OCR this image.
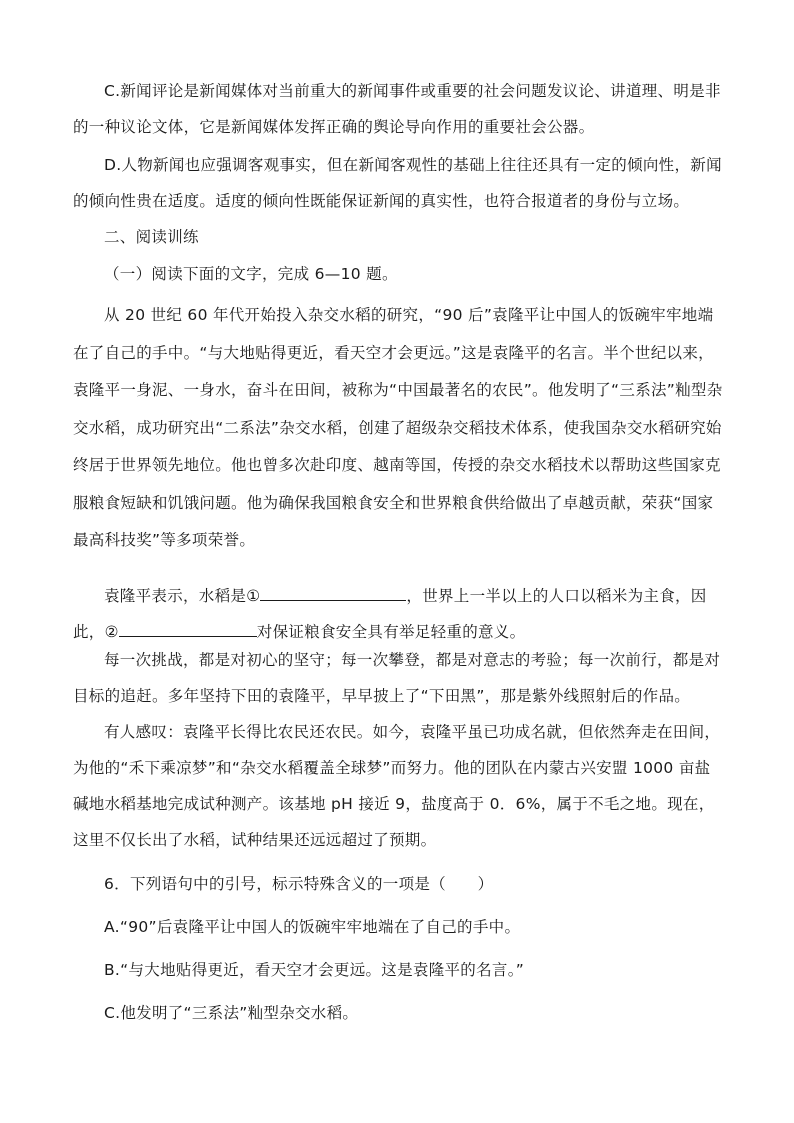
C.新闻评论是新闻媒体对当前重大的新闻事件或重要的社会问题发议论、讲道理、明是非的一种议论文体，它是新闻媒体发挥正确的舆论导向作用的重要社会公器。

D.人物新闻也应强调客观事实，但在新闻客观性的基础上往往还具有一定的倾向性，新闻的倾向性贵在适度。适度的倾向性既能保证新闻的真实性，也符合报道者的身份与立场。

二、阅读训练

（一）阅读下面的文字，完成 6—10 题。

从 20 世纪 60 年代开始投入杂交水稻的研究，“90 后”袁隆平让中国人的饭碗牢牢地端在了自己的手中。“与大地贴得更近，看天空才会更远。”这是袁隆平的名言。半个世纪以来，袁隆平一身泥、一身水，奋斗在田间，被称为“中国最著名的农民”。他发明了“三系法”籼型杂交水稻，成功研究出“二系法”杂交水稻，创建了超级杂交稻技术体系，使我国杂交水稻研究始终居于世界领先地位。他也曾多次赴印度、越南等国，传授的杂交水稻技术以帮助这些国家克服粮食短缺和饥饿问题。他为确保我国粮食安全和世界粮食供给做出了卓越贡献，荣获“国家最高科技奖”等多项荣誉。

袁隆平表示，水稻是①	，世界上一半以上的人口以稻米为主食，因此，②	对保证粮食安全具有举足轻重的意义。

每一次挑战，都是对初心的坚守；每一次攀登，都是对意志的考验；每一次前行，都是对目标的追赶。多年坚持下田的袁隆平，早早披上了“下田黑”，那是紫外线照射后的作品。

有人感叹：袁隆平长得比农民还农民。如今，袁隆平虽已功成名就，但依然奔走在田间，为他的“禾下乘凉梦”和“杂交水稻覆盖全球梦”而努力。他的团队在内蒙古兴安盟 1000 亩盐碱地水稻基地完成试种测产。该基地 pH 接近 9，盐度高于 0．6%，属于不毛之地。现在，这里不仅长出了水稻，试种结果还远远超过了预期。

6．下列语句中的引号，标示特殊含义的一项是（　　）

A.“90”后袁隆平让中国人的饭碗牢牢地端在了自己的手中。

B.“与大地贴得更近，看天空才会更远。这是袁隆平的名言。”

C.他发明了“三系法”籼型杂交水稻。
